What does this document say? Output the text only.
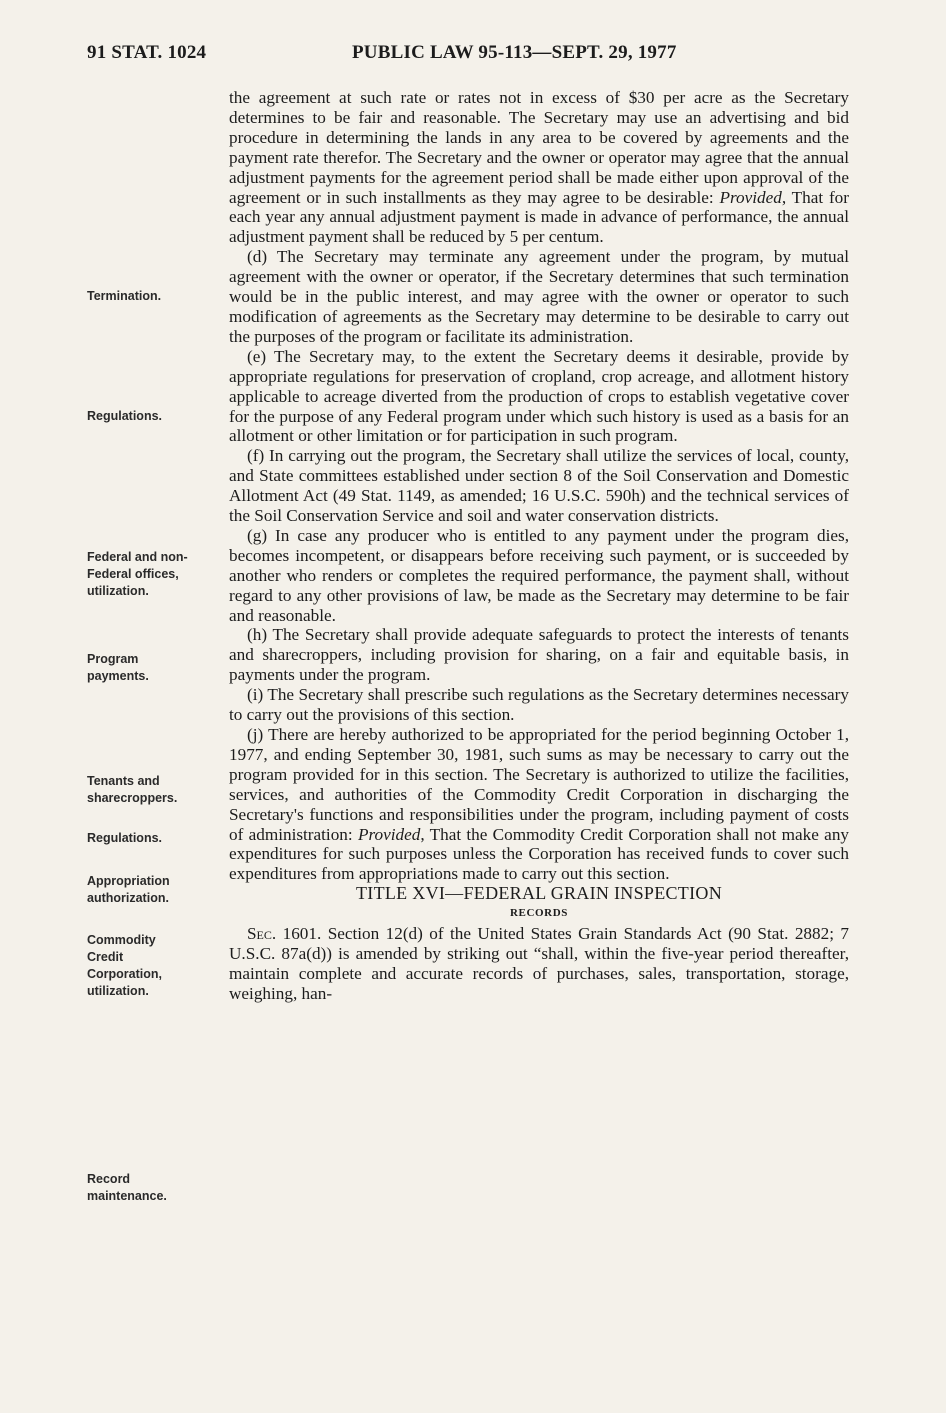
91 STAT. 1024	PUBLIC LAW 95-113—SEPT. 29, 1977
Termination.
Regulations.
Federal and non-Federal offices, utilization.
Program payments.
Tenants and sharecroppers.
Regulations.
Appropriation authorization.
Commodity Credit Corporation, utilization.
Record maintenance.

the agreement at such rate or rates not in excess of $30 per acre as the Secretary determines to be fair and reasonable. The Secretary may use an advertising and bid procedure in determining the lands in any area to be covered by agreements and the payment rate therefor. The Secretary and the owner or operator may agree that the annual adjustment payments for the agreement period shall be made either upon approval of the agreement or in such installments as they may agree to be desirable: Provided, That for each year any annual adjustment payment is made in advance of performance, the annual adjustment payment shall be reduced by 5 per centum.

(d) The Secretary may terminate any agreement under the program, by mutual agreement with the owner or operator, if the Secretary determines that such termination would be in the public interest, and may agree with the owner or operator to such modification of agreements as the Secretary may determine to be desirable to carry out the purposes of the program or facilitate its administration.

(e) The Secretary may, to the extent the Secretary deems it desirable, provide by appropriate regulations for preservation of cropland, crop acreage, and allotment history applicable to acreage diverted from the production of crops to establish vegetative cover for the purpose of any Federal program under which such history is used as a basis for an allotment or other limitation or for participation in such program.

(f) In carrying out the program, the Secretary shall utilize the services of local, county, and State committees established under section 8 of the Soil Conservation and Domestic Allotment Act (49 Stat. 1149, as amended; 16 U.S.C. 590h) and the technical services of the Soil Conservation Service and soil and water conservation districts.

(g) In case any producer who is entitled to any payment under the program dies, becomes incompetent, or disappears before receiving such payment, or is succeeded by another who renders or completes the required performance, the payment shall, without regard to any other provisions of law, be made as the Secretary may determine to be fair and reasonable.

(h) The Secretary shall provide adequate safeguards to protect the interests of tenants and sharecroppers, including provision for sharing, on a fair and equitable basis, in payments under the program.

(i) The Secretary shall prescribe such regulations as the Secretary determines necessary to carry out the provisions of this section.

(j) There are hereby authorized to be appropriated for the period beginning October 1, 1977, and ending September 30, 1981, such sums as may be necessary to carry out the program provided for in this section. The Secretary is authorized to utilize the facilities, services, and authorities of the Commodity Credit Corporation in discharging the Secretary's functions and responsibilities under the program, including payment of costs of administration: Provided, That the Commodity Credit Corporation shall not make any expenditures for such purposes unless the Corporation has received funds to cover such expenditures from appropriations made to carry out this section.

TITLE XVI—FEDERAL GRAIN INSPECTION

RECORDS

Sec. 1601. Section 12(d) of the United States Grain Standards Act (90 Stat. 2882; 7 U.S.C. 87a(d)) is amended by striking out “shall, within the five-year period thereafter, maintain complete and accurate records of purchases, sales, transportation, storage, weighing, han-
